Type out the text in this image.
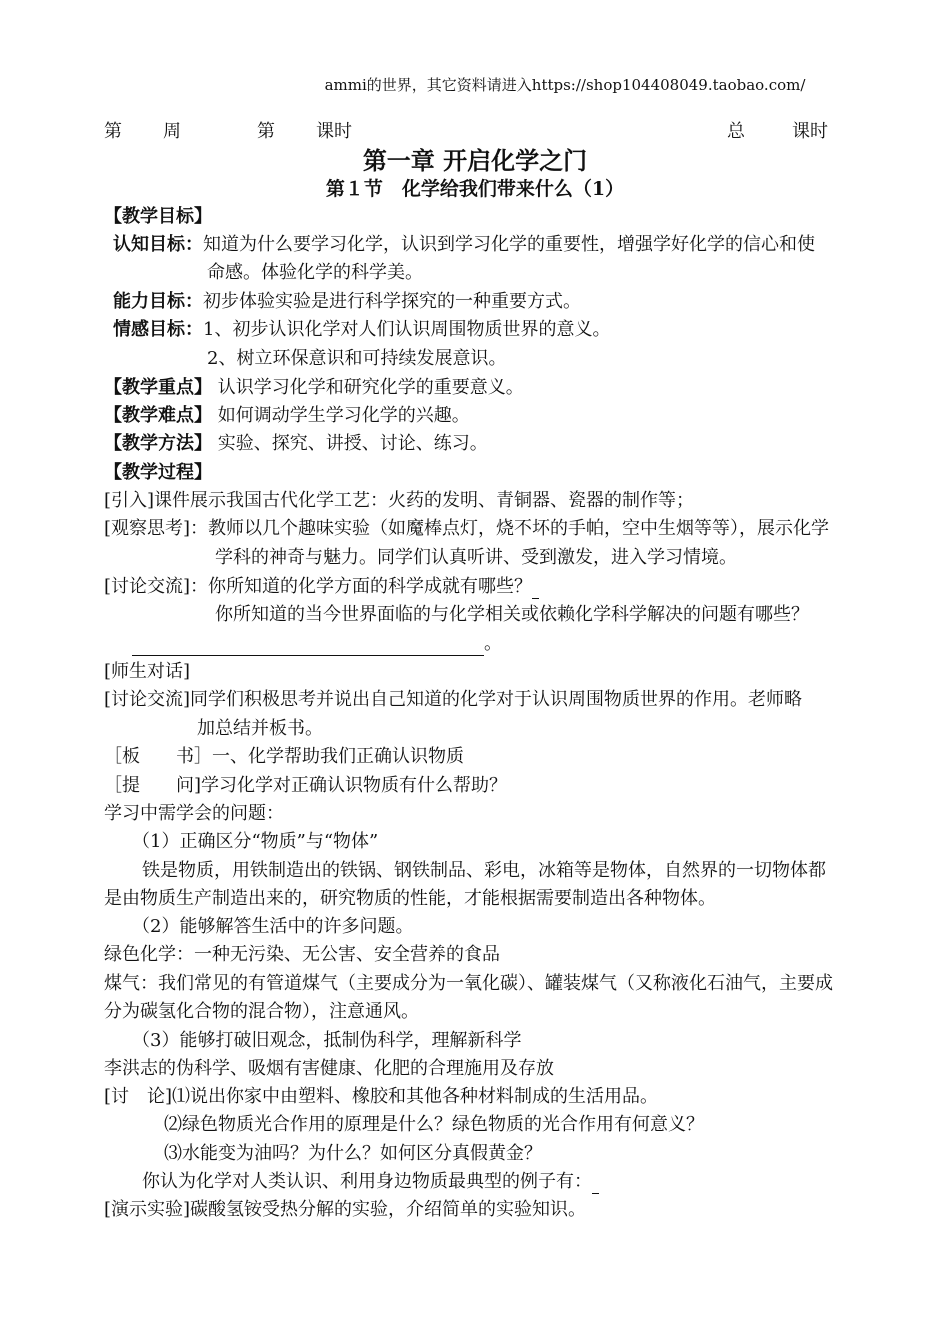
ammi的世界，其它资料请进入https://shop104408049.taobao.com/
第 周	第 课时	总	课时
第一章 开启化学之门
第１节　化学给我们带来什么（1）
【教学目标】
认知目标：知道为什么要学习化学，认识到学习化学的重要性，增强学好化学的信心和使
命感。体验化学的科学美。
能力目标：初步体验实验是进行科学探究的一种重要方式。
情感目标：1、初步认识化学对人们认识周围物质世界的意义。
2、树立环保意识和可持续发展意识。
【教学重点】 认识学习化学和研究化学的重要意义。
【教学难点】 如何调动学生学习化学的兴趣。
【教学方法】 实验、探究、讲授、讨论、练习。
【教学过程】
[引入]课件展示我国古代化学工艺：火药的发明、青铜器、瓷器的制作等；
[观察思考]：教师以几个趣味实验（如魔棒点灯，烧不坏的手帕，空中生烟等等），展示化学
学科的神奇与魅力。同学们认真听讲、受到激发，进入学习情境。
[讨论交流]：你所知道的化学方面的科学成就有哪些？
你所知道的当今世界面临的与化学相关或依赖化学科学解决的问题有哪些？
。
[师生对话]
[讨论交流]同学们积极思考并说出自己知道的化学对于认识周围物质世界的作用。老师略
加总结并板书。
［板　　书］一、化学帮助我们正确认识物质
［提　　问]学习化学对正确认识物质有什么帮助？
学习中需学会的问题：
（1）正确区分“物质”与“物体”
铁是物质，用铁制造出的铁锅、钢铁制品、彩电，冰箱等是物体，自然界的一切物体都
是由物质生产制造出来的，研究物质的性能，才能根据需要制造出各种物体。
（2）能够解答生活中的许多问题。
绿色化学：一种无污染、无公害、安全营养的食品
煤气：我们常见的有管道煤气（主要成分为一氧化碳）、罐装煤气（又称液化石油气，主要成
分为碳氢化合物的混合物），注意通风。
（3）能够打破旧观念，抵制伪科学，理解新科学
李洪志的伪科学、吸烟有害健康、化肥的合理施用及存放
[讨　论]⑴说出你家中由塑料、橡胶和其他各种材料制成的生活用品。
⑵绿色物质光合作用的原理是什么？绿色物质的光合作用有何意义？
⑶水能变为油吗？为什么？如何区分真假黄金？
你认为化学对人类认识、利用身边物质最典型的例子有：
[演示实验]碳酸氢铵受热分解的实验，介绍简单的实验知识。
